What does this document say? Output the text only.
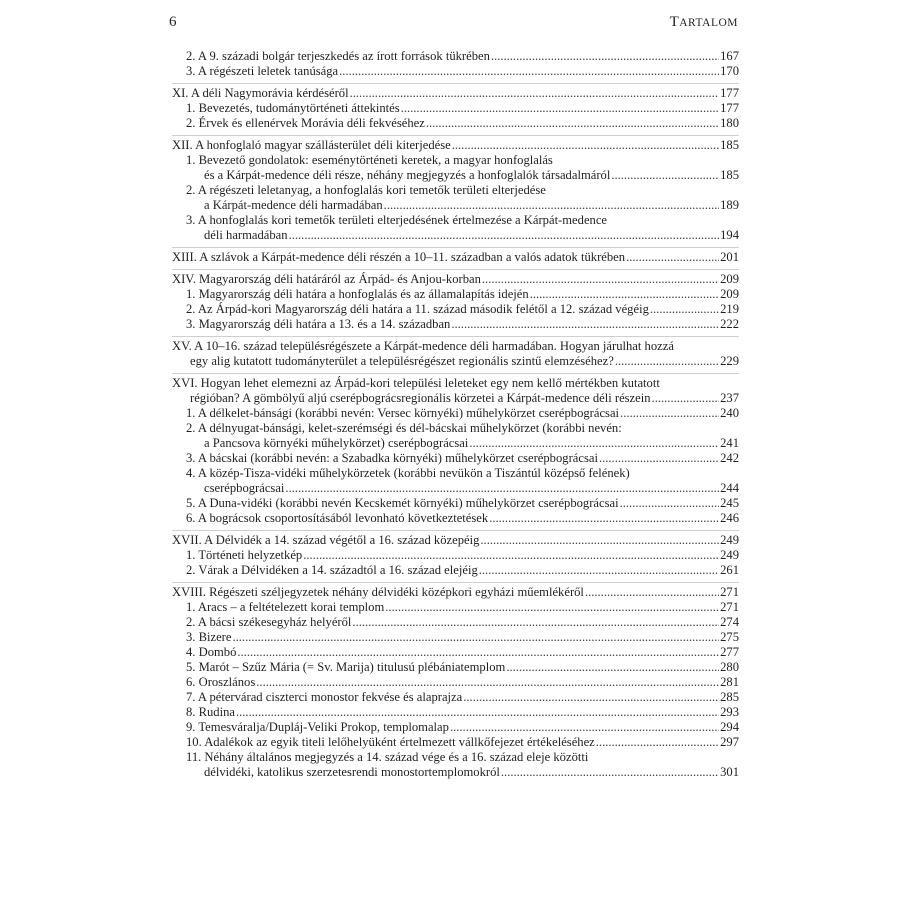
6	TARTALOM
2. A 9. századi bolgár terjeszkedés az írott források tükrében .....	167
3. A régészeti leletek tanúsága .....	170
XI. A déli Nagymorávia kérdéséről .....	177
1. Bevezetés, tudománytörténeti áttekintés .....	177
2. Érvek és ellenérvek Morávia déli fekvéséhez .....	180
XII. A honfoglaló magyar szállásterület déli kiterjedése .....	185
1. Bevezető gondolatok: eseménytörténeti keretek, a magyar honfoglalás
és a Kárpát-medence déli része, néhány megjegyzés a honfoglalók társadalmáról .....	185
2. A régészeti leletanyag, a honfoglalás kori temetők területi elterjedése
a Kárpát-medence déli harmadában .....	189
3. A honfoglalás kori temetők területi elterjedésének értelmezése a Kárpát-medence
déli harmadában .....	194
XIII. A szlávok a Kárpát-medence déli részén a 10–11. században a valós adatok tükrében .....	201
XIV. Magyarország déli határáról az Árpád- és Anjou-korban .....	209
1. Magyarország déli határa a honfoglalás és az államalapítás idején .....	209
2. Az Árpád-kori Magyarország déli határa a 11. század második felétől a 12. század végéig .....	219
3. Magyarország déli határa a 13. és a 14. században .....	222
XV. A 10–16. század településrégészete a Kárpát-medence déli harmadában. Hogyan járulhat hozzá
egy alig kutatott tudományterület a településrégészet regionális szintű elemzéséhez? .....	229
XVI. Hogyan lehet elemezni az Árpád-kori települési leleteket egy nem kellő mértékben kutatott
régióban? A gömbölyű aljú cserépbográcsregionális körzetei a Kárpát-medence déli részein .....	237
1. A délkelet-bánsági (korábbi nevén: Versec környéki) műhelykörzet cserépbográcsai .....	240
2. A délnyugat-bánsági, kelet-szerémségi és dél-bácskai műhelykörzet (korábbi nevén:
a Pancsova környéki műhelykörzet) cserépbográcsai .....	241
3. A bácskai (korábbi nevén: a Szabadka környéki) műhelykörzet cserépbográcsai .....	242
4. A közép-Tisza-vidéki műhelykörzetek (korábbi nevükön a Tiszántúl középső felének)
cserépbográcsai .....	244
5. A Duna-vidéki (korábbi nevén Kecskemét környéki) műhelykörzet cserépbográcsai .....	245
6. A bográcsok csoportosításából levonható következtetések .....	246
XVII. A Délvidék a 14. század végétől a 16. század közepéig .....	249
1. Történeti helyzetkép .....	249
2. Várak a Délvidéken a 14. századtól a 16. század elejéig .....	261
XVIII. Régészeti széljegyzetek néhány délvidéki középkori egyházi műemlékéről .....	271
1. Aracs – a feltételezett korai templom .....	271
2. A bácsi székesegyház helyéről .....	274
3. Bizere .....	275
4. Dombó .....	277
5. Marót – Szűz Mária (= Sv. Marija) titulusú plébániatemplom .....	280
6. Oroszlános .....	281
7. A pétervárad ciszterci monostor fekvése és alaprajza .....	285
8. Rudina .....	293
9. Temesváralja/Dupláj-Veliki Prokop, templomalap .....	294
10. Adalékok az egyik titeli lelőhelyüként értelmezett vállkőfejezet értékeléséhez .....	297
11. Néhány általános megjegyzés a 14. század vége és a 16. század eleje közötti
délvidéki, katolikus szerzetesrendi monostortemplomokról .....	301
